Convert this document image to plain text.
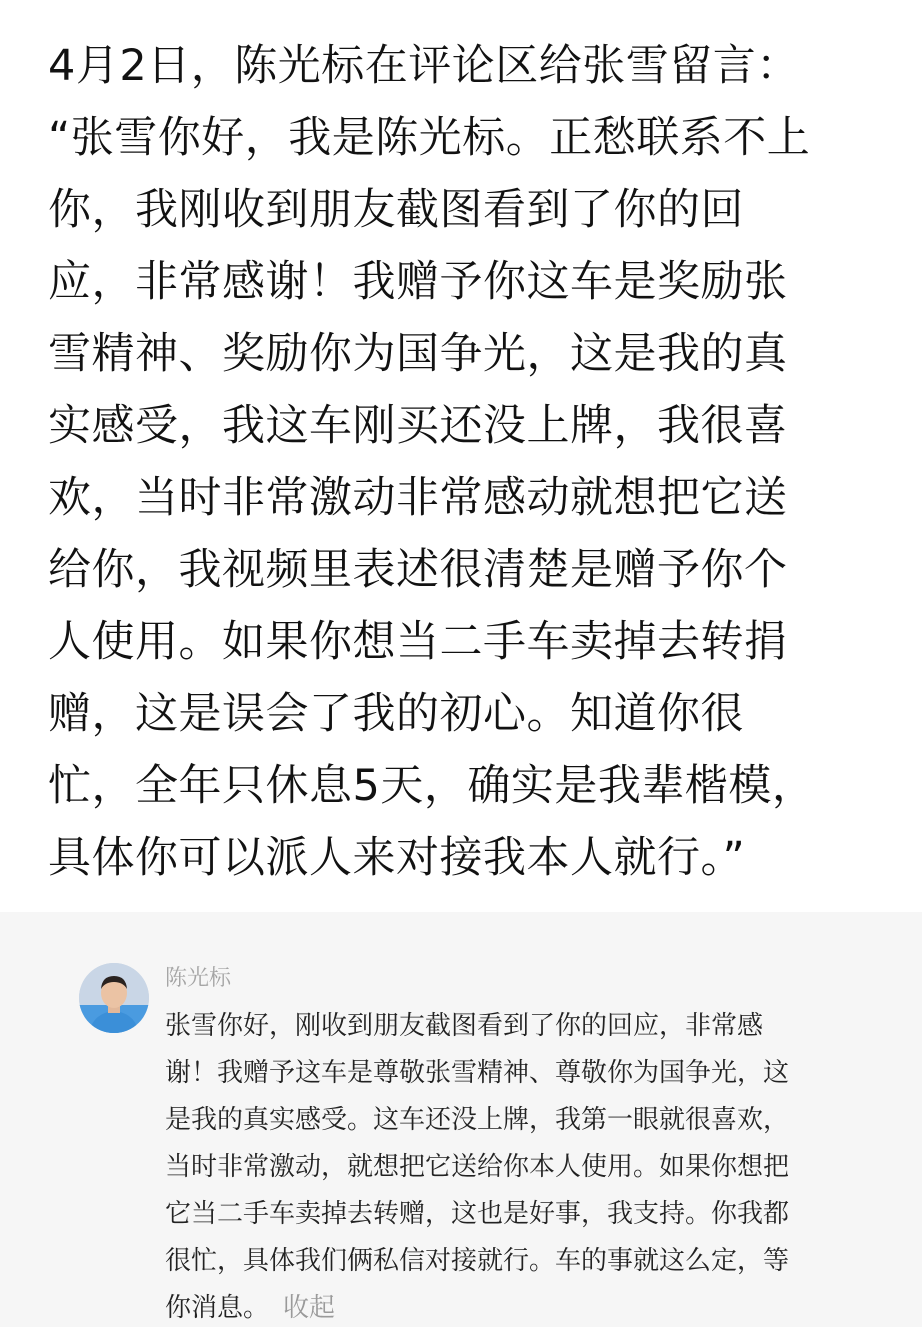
4月2日，陈光标在评论区给张雪留言：
“张雪你好，我是陈光标。正愁联系不上
你，我刚收到朋友截图看到了你的回
应，非常感谢！我赠予你这车是奖励张
雪精神、奖励你为国争光，这是我的真
实感受，我这车刚买还没上牌，我很喜
欢，当时非常激动非常感动就想把它送
给你，我视频里表述很清楚是赠予你个
人使用。如果你想当二手车卖掉去转捐
赠，这是误会了我的初心。知道你很
忙，全年只休息5天，确实是我辈楷模，
具体你可以派人来对接我本人就行。”
陈光标
张雪你好，刚收到朋友截图看到了你的回应，非常感
谢！我赠予这车是尊敬张雪精神、尊敬你为国争光，这
是我的真实感受。这车还没上牌，我第一眼就很喜欢，
当时非常激动，就想把它送给你本人使用。如果你想把
它当二手车卖掉去转赠，这也是好事，我支持。你我都
很忙，具体我们俩私信对接就行。车的事就这么定，等
你消息。 收起
